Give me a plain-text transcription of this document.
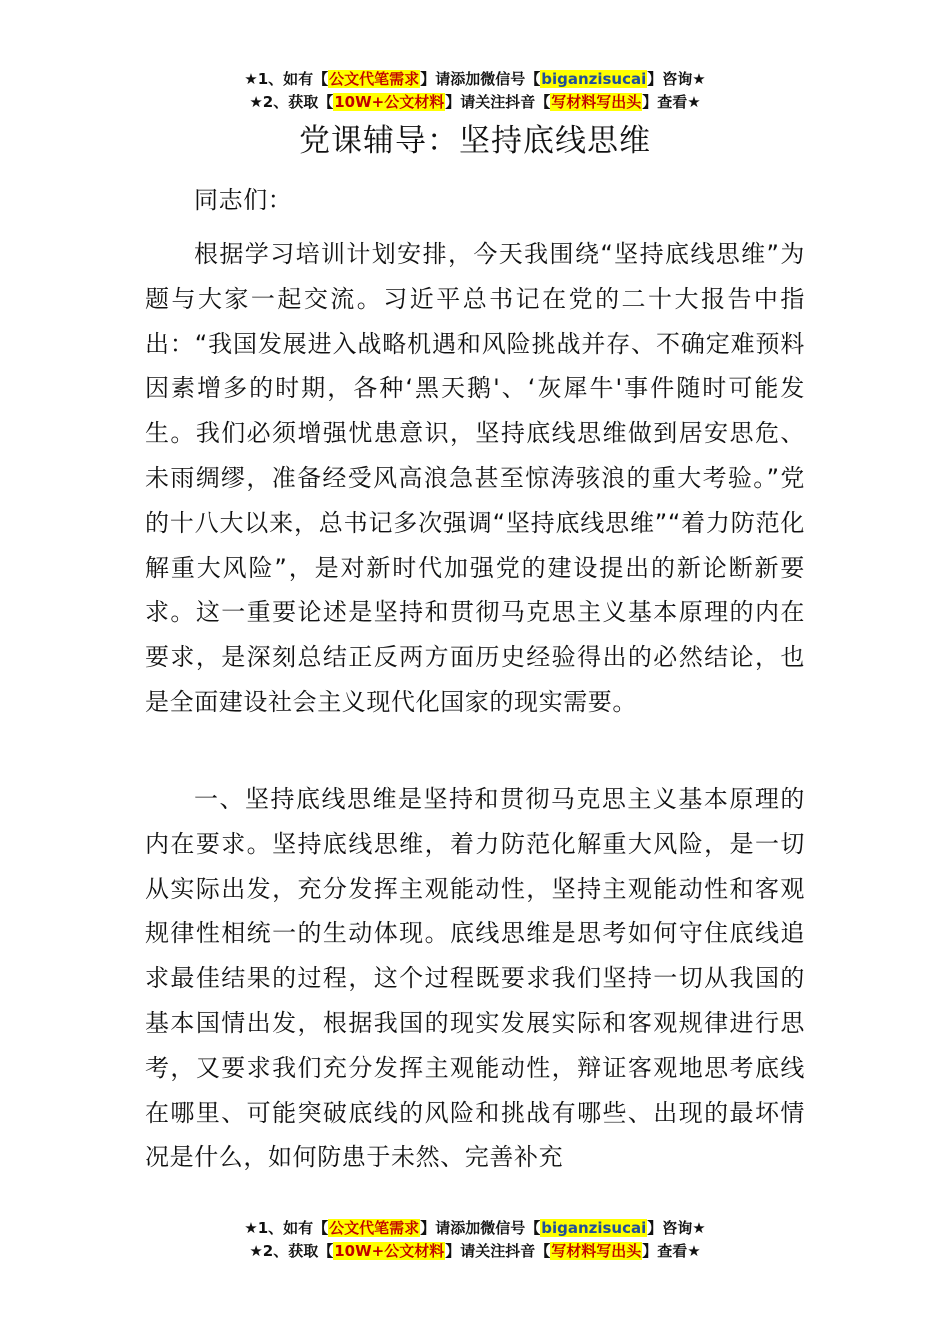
★1、如有【公文代笔需求】请添加微信号【biganzisucai】咨询★
★2、获取【10W+公文材料】请关注抖音【写材料写出头】查看★
党课辅导：坚持底线思维

同志们：

根据学习培训计划安排，今天我围绕“坚持底线思维”为题与大家一起交流。习近平总书记在党的二十大报告中指出：“我国发展进入战略机遇和风险挑战并存、不确定难预料因素增多的时期，各种‘黑天鹅'、‘灰犀牛'事件随时可能发生。我们必须增强忧患意识，坚持底线思维做到居安思危、未雨绸缪，准备经受风高浪急甚至惊涛骇浪的重大考验。”党的十八大以来，总书记多次强调“坚持底线思维”“着力防范化解重大风险”，是对新时代加强党的建设提出的新论断新要求。这一重要论述是坚持和贯彻马克思主义基本原理的内在要求，是深刻总结正反两方面历史经验得出的必然结论，也是全面建设社会主义现代化国家的现实需要。

一、坚持底线思维是坚持和贯彻马克思主义基本原理的内在要求。坚持底线思维，着力防范化解重大风险，是一切从实际出发，充分发挥主观能动性，坚持主观能动性和客观规律性相统一的生动体现。底线思维是思考如何守住底线追求最佳结果的过程，这个过程既要求我们坚持一切从我国的基本国情出发，根据我国的现实发展实际和客观规律进行思考，又要求我们充分发挥主观能动性，辩证客观地思考底线在哪里、可能突破底线的风险和挑战有哪些、出现的最坏情况是什么，如何防患于未然、完善补充

★1、如有【公文代笔需求】请添加微信号【biganzisucai】咨询★
★2、获取【10W+公文材料】请关注抖音【写材料写出头】查看★
